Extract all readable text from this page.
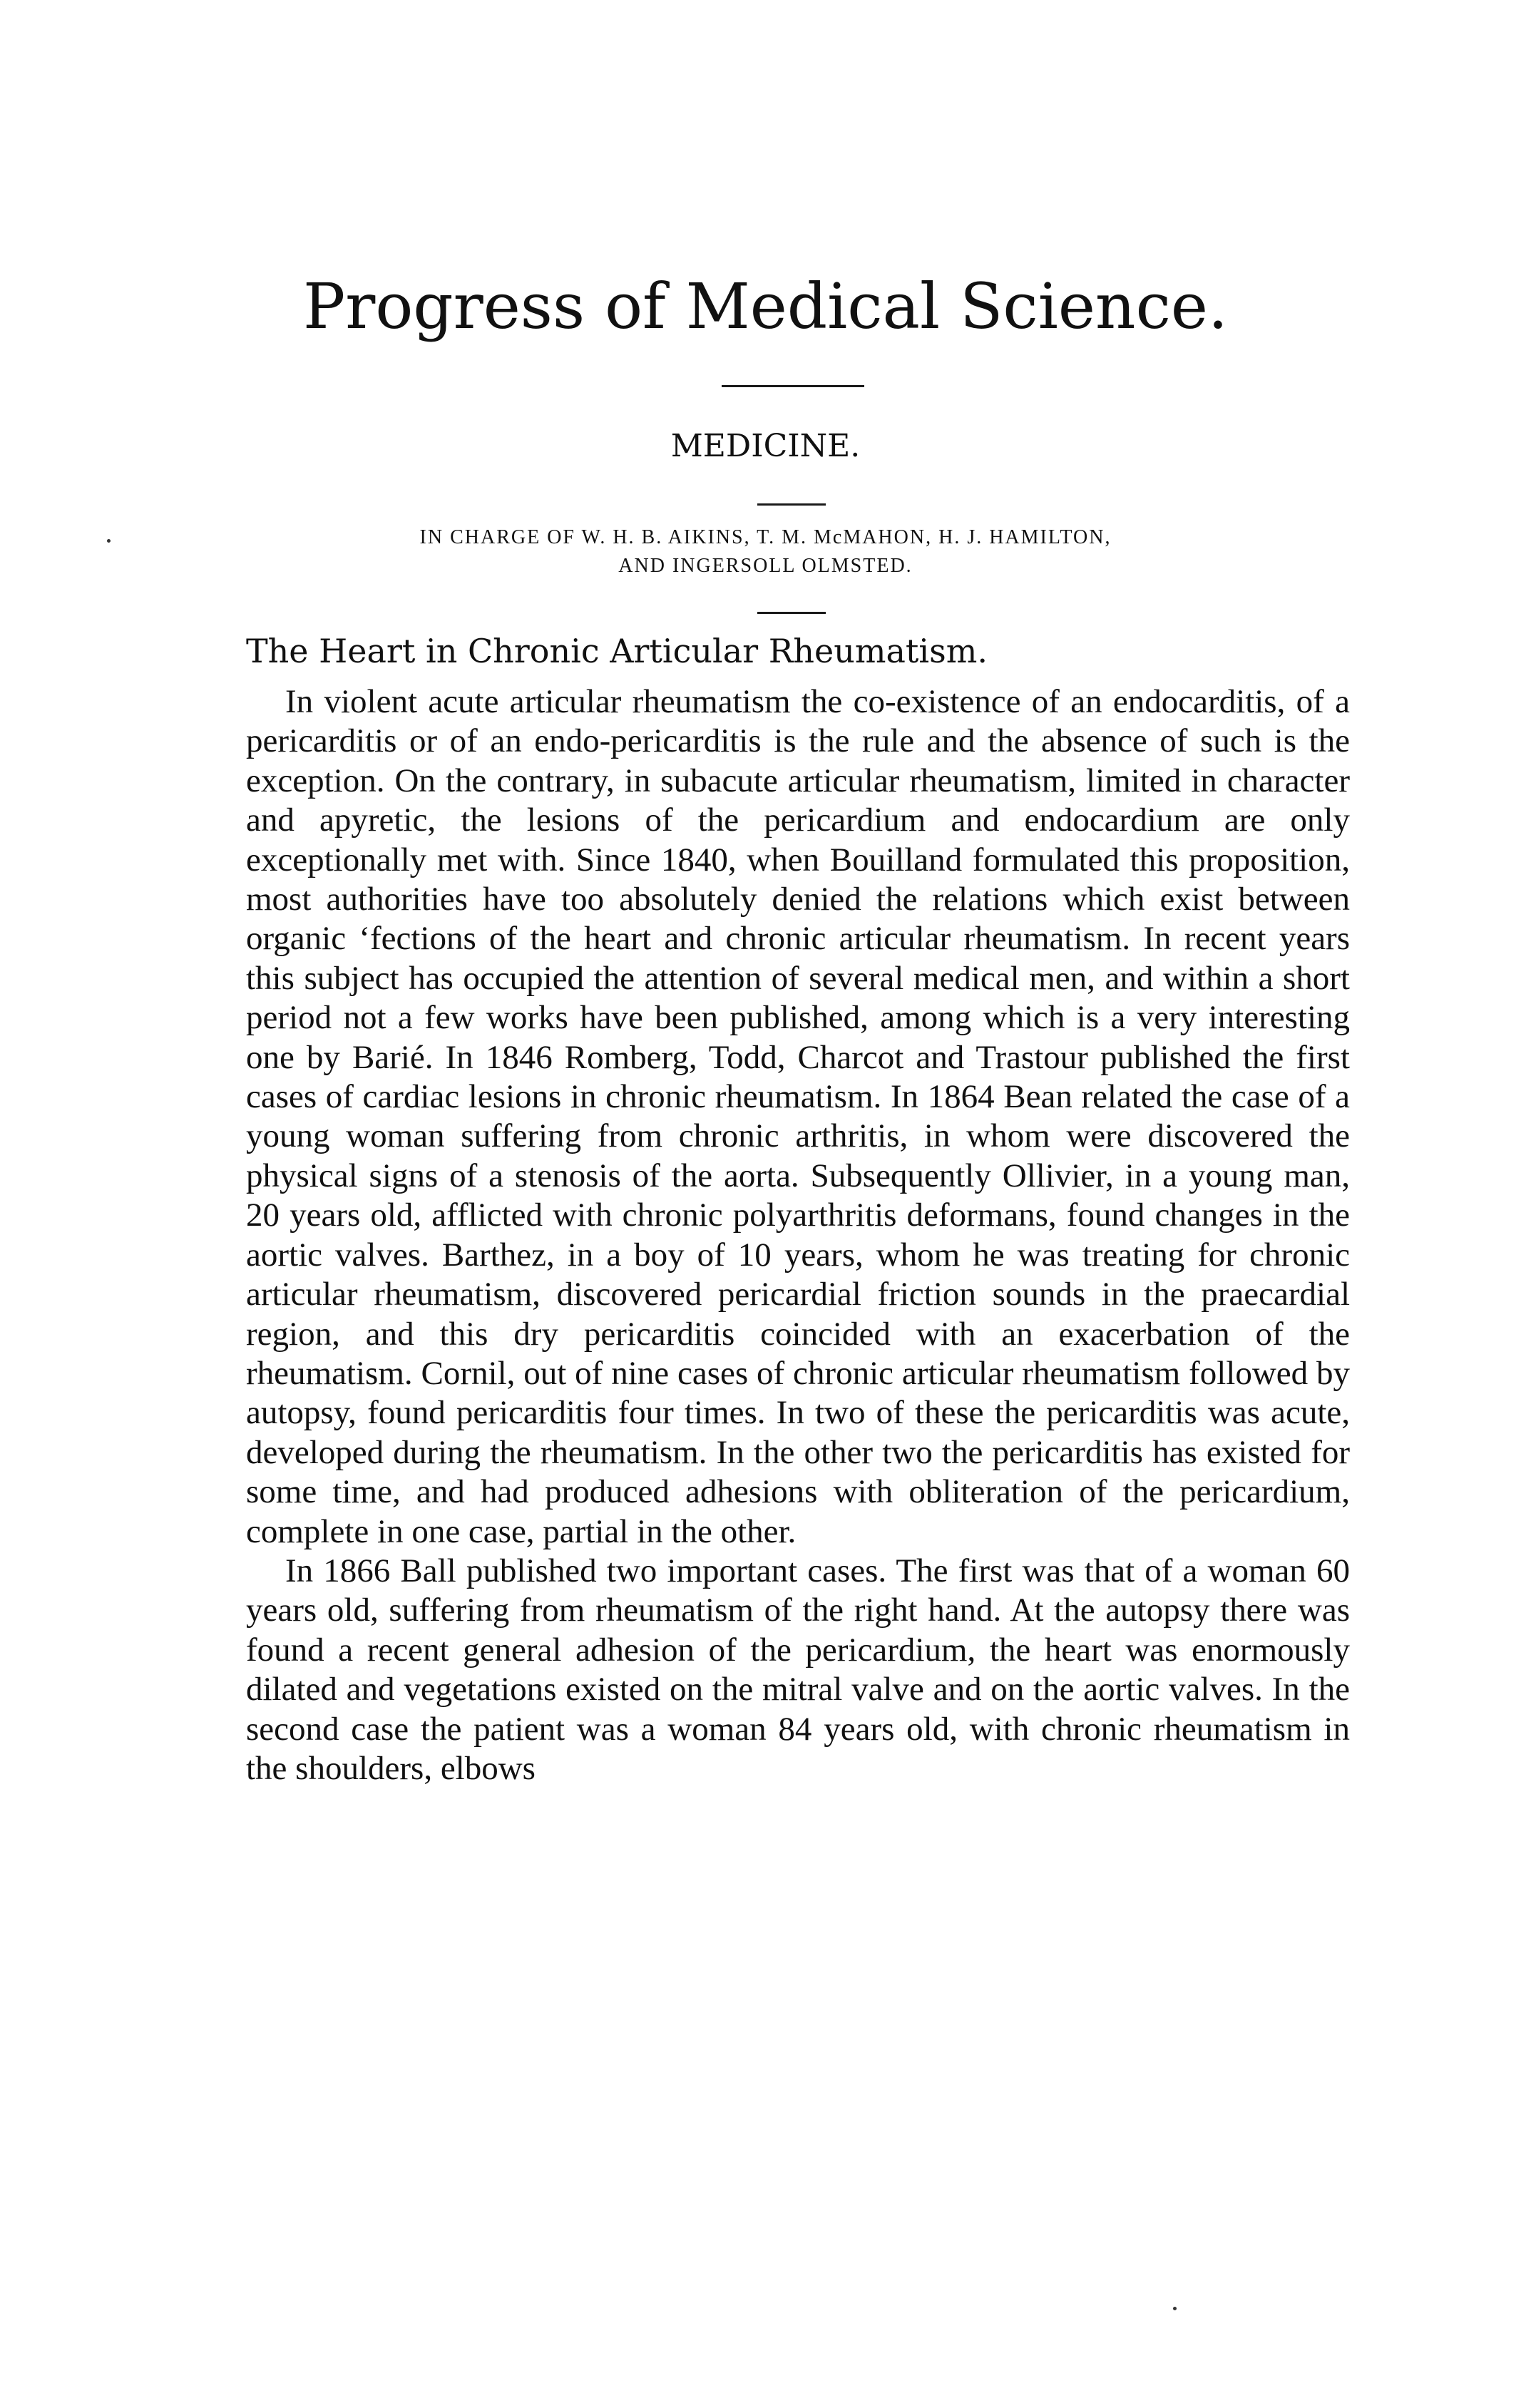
Progress of Medical Science.
MEDICINE.
IN CHARGE OF W. H. B. AIKINS, T. M. McMAHON, H. J. HAMILTON,
AND INGERSOLL OLMSTED.
The Heart in Chronic Articular Rheumatism.

In violent acute articular rheumatism the co-existence of an endocarditis, of a pericarditis or of an endo-pericarditis is the rule and the absence of such is the exception. On the contrary, in subacute articular rheumatism, limited in character and apyretic, the lesions of the pericardium and endocardium are only exceptionally met with. Since 1840, when Bouilland formulated this proposition, most authorities have too absolutely denied the relations which exist between organic ʻfections of the heart and chronic articular rheumatism. In recent years this subject has occupied the attention of several medical men, and within a short period not a few works have been published, among which is a very interesting one by Barié. In 1846 Romberg, Todd, Charcot and Trastour published the first cases of cardiac lesions in chronic rheumatism. In 1864 Bean related the case of a young woman suffering from chronic arthritis, in whom were discovered the physical signs of a stenosis of the aorta. Subsequently Ollivier, in a young man, 20 years old, afflicted with chronic polyarthritis deformans, found changes in the aortic valves. Barthez, in a boy of 10 years, whom he was treating for chronic articular rheumatism, discovered pericardial friction sounds in the praecardial region, and this dry pericarditis coincided with an exacerbation of the rheumatism. Cornil, out of nine cases of chronic articular rheumatism followed by autopsy, found pericarditis four times. In two of these the pericarditis was acute, developed during the rheumatism. In the other two the pericarditis has existed for some time, and had produced adhesions with obliteration of the pericardium, complete in one case, partial in the other.

In 1866 Ball published two important cases. The first was that of a woman 60 years old, suffering from rheumatism of the right hand. At the autopsy there was found a recent general adhesion of the pericardium, the heart was enormously dilated and vegetations existed on the mitral valve and on the aortic valves. In the second case the patient was a woman 84 years old, with chronic rheumatism in the shoulders, elbows
